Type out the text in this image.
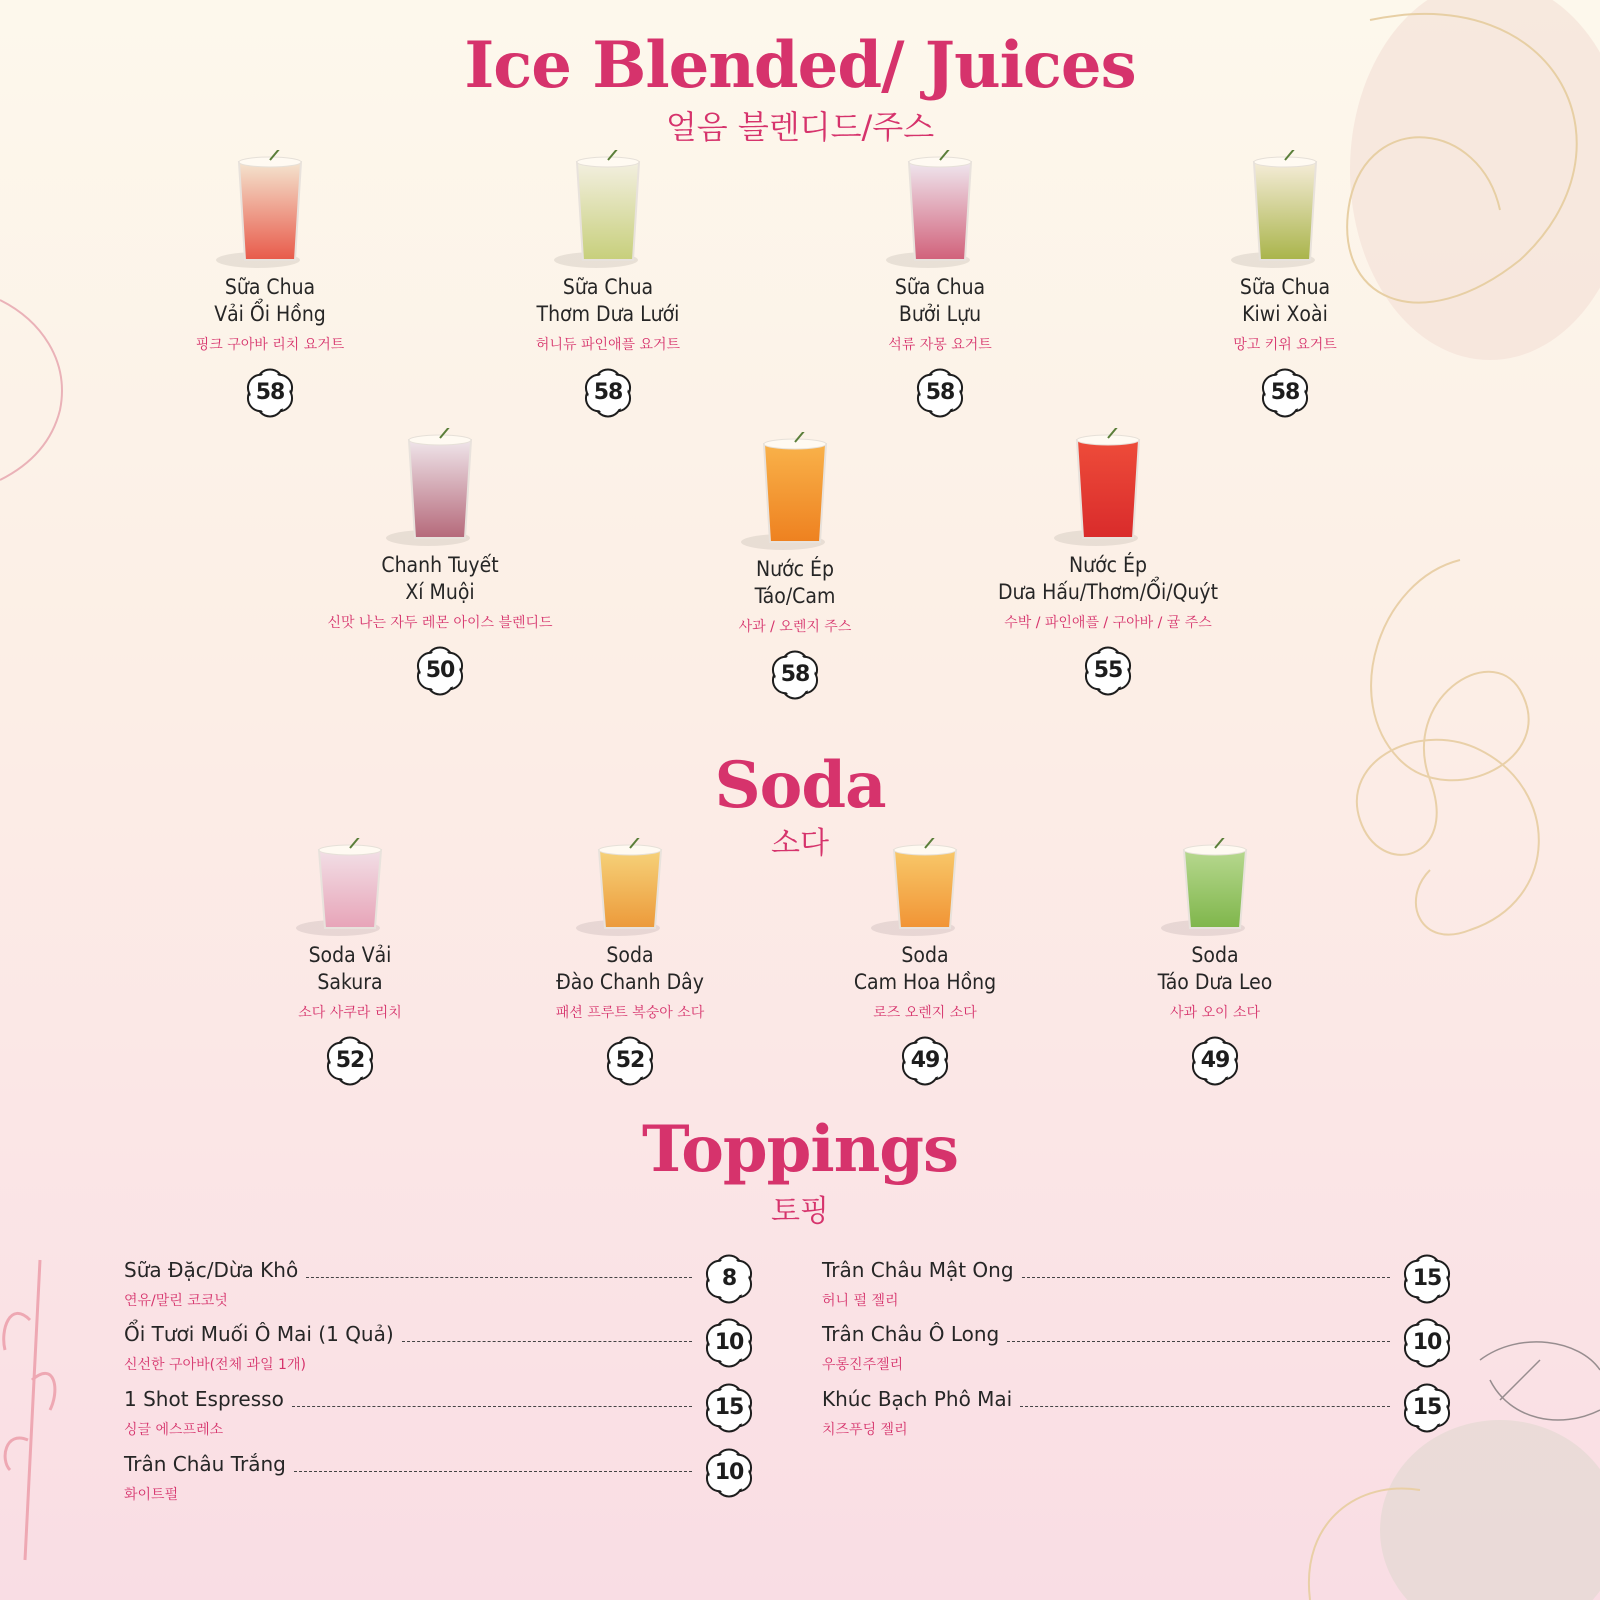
Ice Blended/ Juices
얼음 블렌디드/주스
Sữa Chua
Vải Ổi Hồng
핑크 구아바 리치 요거트
58
Sữa Chua
Thơm Dưa Lưới
허니듀 파인애플 요거트
58
Sữa Chua
Bưởi Lựu
석류 자몽 요거트
58
Sữa Chua
Kiwi Xoài
망고 키위 요거트
58
Chanh Tuyết
Xí Muội
신맛 나는 자두 레몬 아이스 블렌디드
50
Nước Ép
Táo/Cam
사과 / 오렌지 주스
58
Nước Ép
Dưa Hấu/Thơm/Ổi/Quýt
수박 / 파인애플 / 구아바 / 귤 주스
55
Soda
소다
Soda Vải
Sakura
소다 사쿠라 리치
52
Soda
Đào Chanh Dây
패션 프루트 복숭아 소다
52
Soda
Cam Hoa Hồng
로즈 오렌지 소다
49
Soda
Táo Dưa Leo
사과 오이 소다
49
Toppings
토핑
Sữa Đặc/Dừa Khô
연유/말린 코코넛
8
Ổi Tươi Muối Ô Mai (1 Quả)
신선한 구아바(전체 과일 1개)
10
1 Shot Espresso
싱글 에스프레소
15
Trân Châu Trắng
화이트펄
10
Trân Châu Mật Ong
허니 펄 젤리
15
Trân Châu Ô Long
우롱진주젤리
10
Khúc Bạch Phô Mai
치즈푸딩 젤리
15
